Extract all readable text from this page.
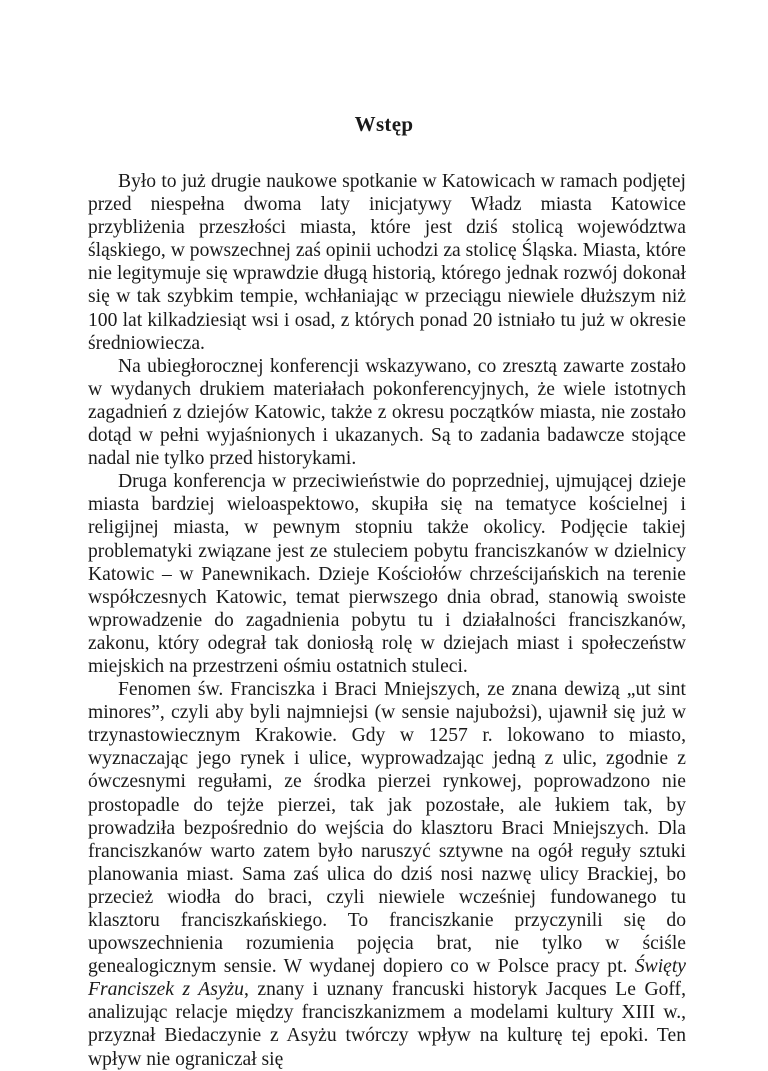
Wstęp

Było to już drugie naukowe spotkanie w Katowicach w ramach podjętej przed niespełna dwoma laty inicjatywy Władz miasta Katowice przybliżenia przeszłości miasta, które jest dziś stolicą województwa śląskiego, w powszechnej zaś opinii uchodzi za stolicę Śląska. Miasta, które nie legitymuje się wprawdzie długą historią, którego jednak rozwój dokonał się w tak szybkim tempie, wchłaniając w przeciągu niewiele dłuższym niż 100 lat kilkadziesiąt wsi i osad, z których ponad 20 istniało tu już w okresie średniowiecza.

Na ubiegłorocznej konferencji wskazywano, co zresztą zawarte zostało w wydanych drukiem materiałach pokonferencyjnych, że wiele istotnych zagadnień z dziejów Katowic, także z okresu początków miasta, nie zostało dotąd w pełni wyjaśnionych i ukazanych. Są to zadania badawcze stojące nadal nie tylko przed historykami.

Druga konferencja w przeciwieństwie do poprzedniej, ujmującej dzieje miasta bardziej wieloaspektowo, skupiła się na tematyce kościelnej i religijnej miasta, w pewnym stopniu także okolicy. Podjęcie takiej problematyki związane jest ze stuleciem pobytu franciszkanów w dzielnicy Katowic – w Panewnikach. Dzieje Kościołów chrześcijańskich na terenie współczesnych Katowic, temat pierwszego dnia obrad, stanowią swoiste wprowadzenie do zagadnienia pobytu tu i działalności franciszkanów, zakonu, który odegrał tak doniosłą rolę w dziejach miast i społeczeństw miejskich na przestrzeni ośmiu ostatnich stuleci.

Fenomen św. Franciszka i Braci Mniejszych, ze znana dewizą „ut sint minores”, czyli aby byli najmniejsi (w sensie najubożsi), ujawnił się już w trzynastowiecznym Krakowie. Gdy w 1257 r. lokowano to miasto, wyznaczając jego rynek i ulice, wyprowadzając jedną z ulic, zgodnie z ówczesnymi regułami, ze środka pierzei rynkowej, poprowadzono nie prostopadle do tejże pierzei, tak jak pozostałe, ale łukiem tak, by prowadziła bezpośrednio do wejścia do klasztoru Braci Mniejszych. Dla franciszkanów warto zatem było naruszyć sztywne na ogół reguły sztuki planowania miast. Sama zaś ulica do dziś nosi nazwę ulicy Brackiej, bo przecież wiodła do braci, czyli niewiele wcześniej fundowanego tu klasztoru franciszkańskiego. To franciszkanie przyczynili się do upowszechnienia rozumienia pojęcia brat, nie tylko w ściśle genealogicznym sensie. W wydanej dopiero co w Polsce pracy pt. Święty Franciszek z Asyżu, znany i uznany francuski historyk Jacques Le Goff, analizując relacje między franciszkanizmem a modelami kultury XIII w., przyznał Biedaczynie z Asyżu twórczy wpływ na kulturę tej epoki. Ten wpływ nie ograniczał się
